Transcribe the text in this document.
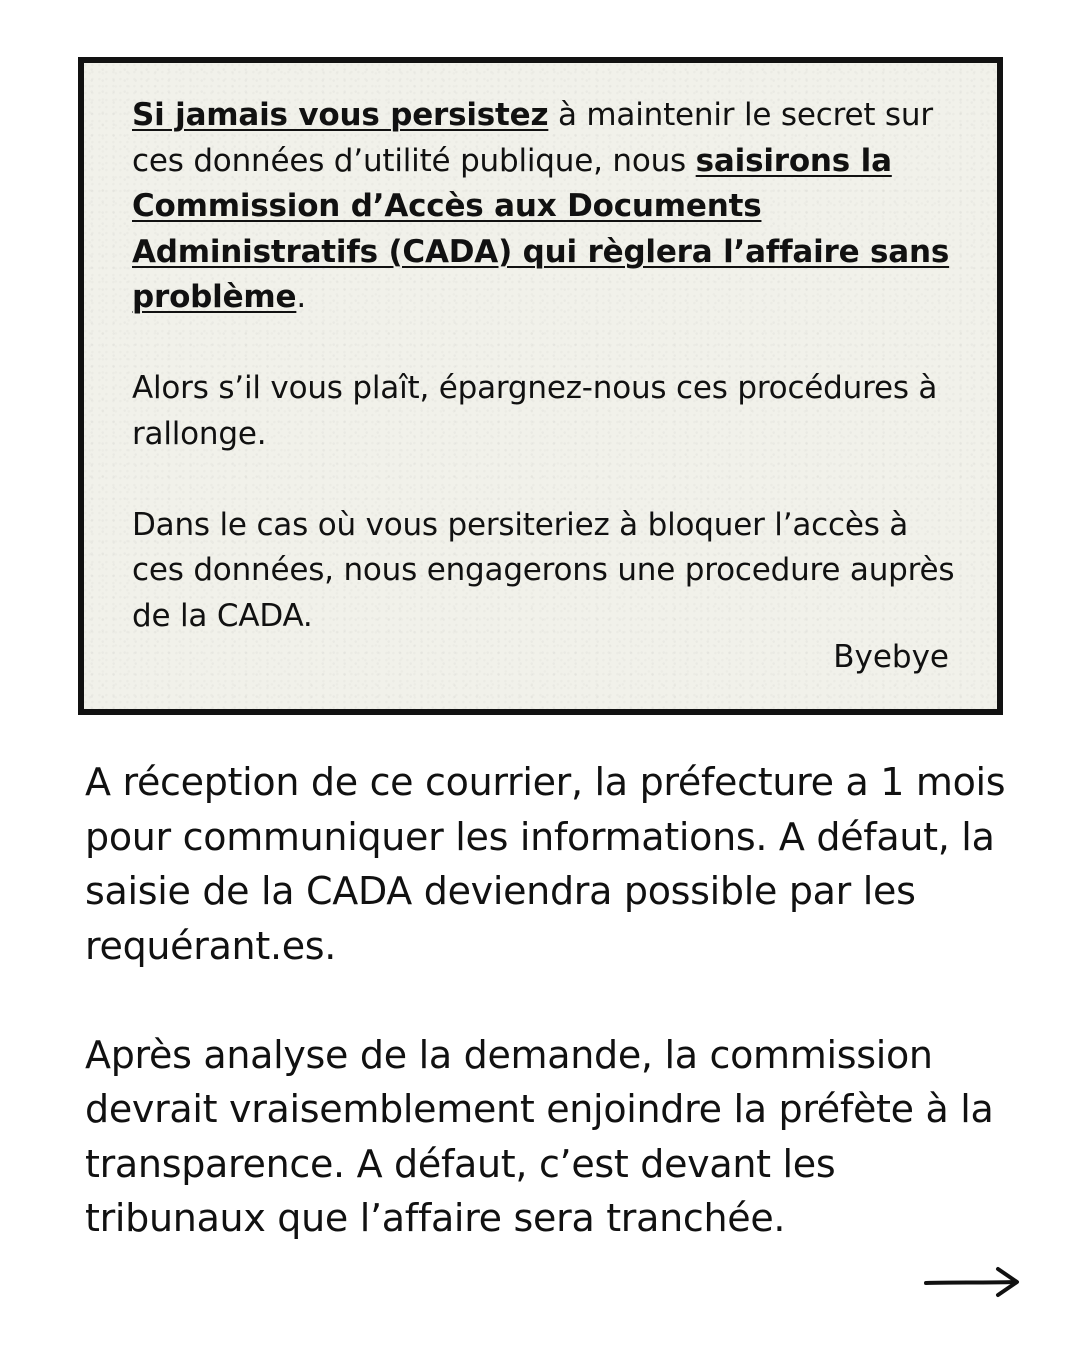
Si jamais vous persistez à maintenir le secret sur ces données d’utilité publique, nous saisirons la Commission d’Accès aux Documents Administratifs (CADA) qui règlera l’affaire sans problème.

Alors s’il vous plaît, épargnez-nous ces procédures à rallonge.

Dans le cas où vous persiteriez à bloquer l’accès à ces données, nous engagerons une procedure auprès de la CADA.

Byebye

A réception de ce courrier, la préfecture a 1 mois pour communiquer les informations. A défaut, la saisie de la CADA deviendra possible par les requérant.es.

Après analyse de la demande, la commission devrait vraisemblement enjoindre la préfète à la transparence. A défaut, c’est devant les tribunaux que l’affaire sera tranchée.
